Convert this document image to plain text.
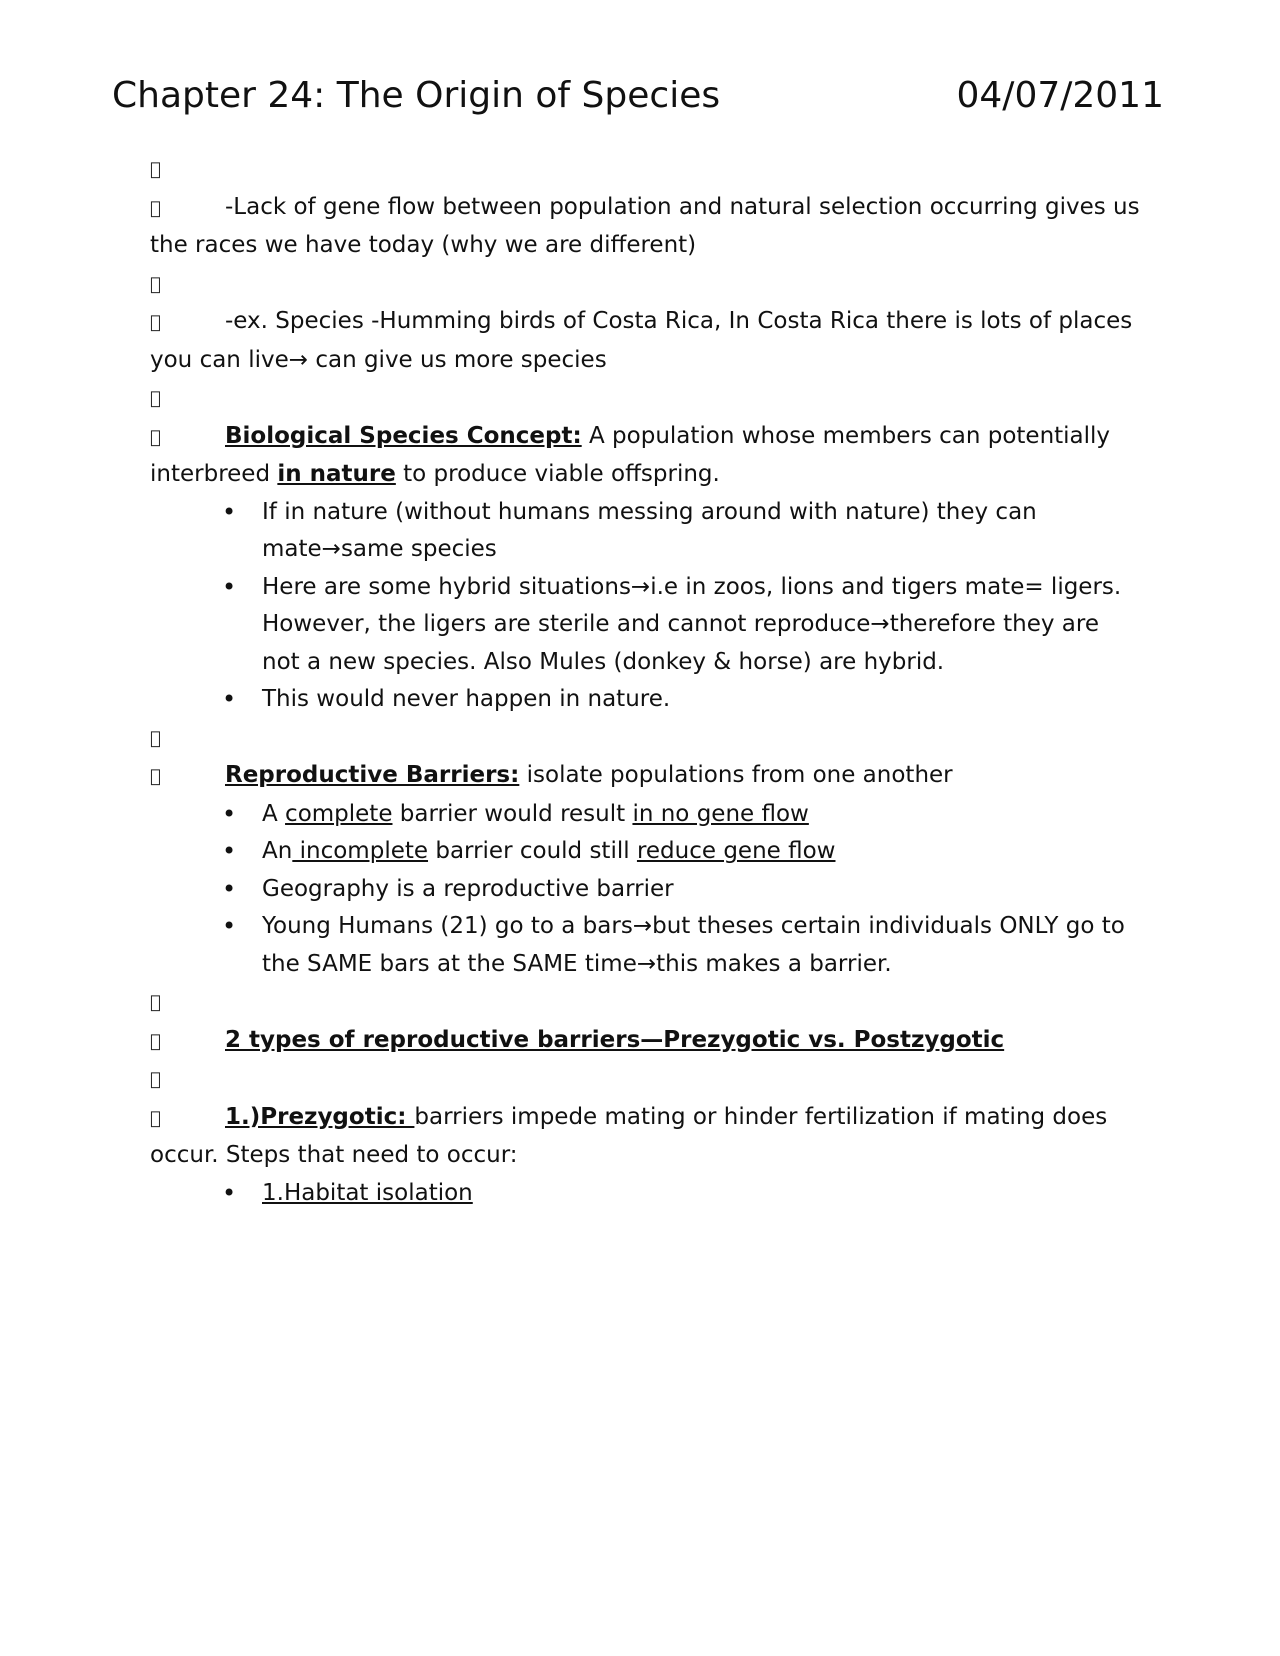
Chapter 24: The Origin of Species	04/07/2011
-Lack of gene flow between population and natural selection occurring gives us the races we have today (why we are different)
-ex. Species -Humming birds of Costa Rica, In Costa Rica there is lots of places you can live→ can give us more species
Biological Species Concept: A population whose members can potentially interbreed in nature to produce viable offspring.
• If in nature (without humans messing around with nature) they can mate→same species
• Here are some hybrid situations→i.e in zoos, lions and tigers mate= ligers. However, the ligers are sterile and cannot reproduce→therefore they are not a new species. Also Mules (donkey & horse) are hybrid.
• This would never happen in nature.
Reproductive Barriers: isolate populations from one another
• A complete barrier would result in no gene flow
• An incomplete barrier could still reduce gene flow
• Geography is a reproductive barrier
• Young Humans (21) go to a bars→but theses certain individuals ONLY go to the SAME bars at the SAME time→this makes a barrier.
2 types of reproductive barriers—Prezygotic vs. Postzygotic
1.)Prezygotic: barriers impede mating or hinder fertilization if mating does occur. Steps that need to occur:
• 1.Habitat isolation
